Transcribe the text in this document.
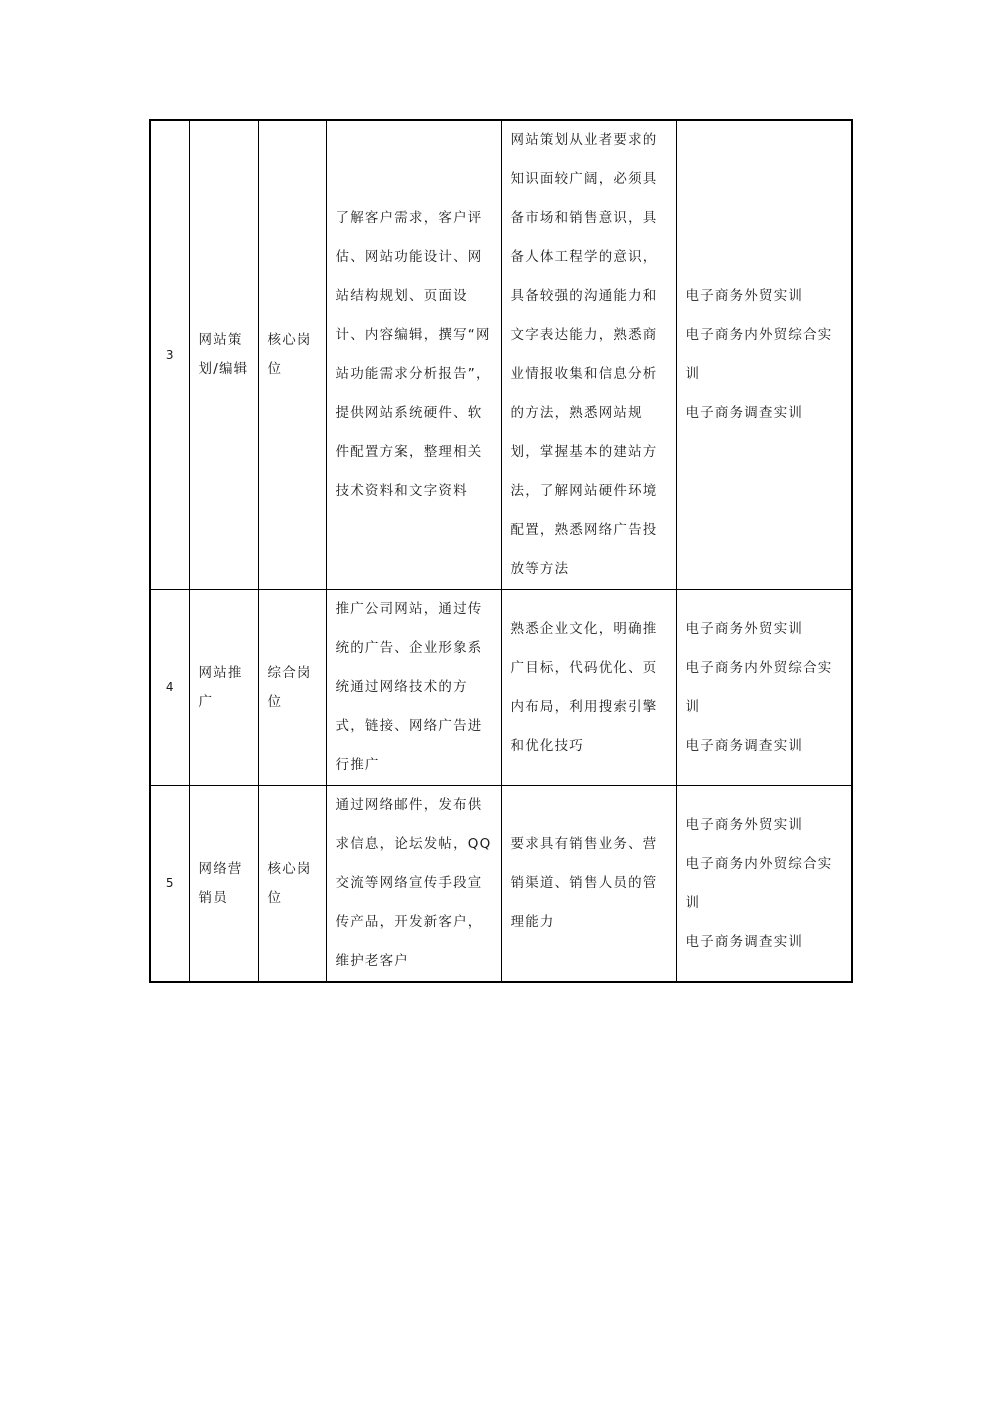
3	网站策划/编辑	核心岗位	了解客户需求，客户评估、网站功能设计、网站结构规划、页面设计、内容编辑，撰写“网站功能需求分析报告”，提供网站系统硬件、软件配置方案，整理相关技术资料和文字资料	网站策划从业者要求的知识面较广阔，必须具备市场和销售意识，具备人体工程学的意识，具备较强的沟通能力和文字表达能力，熟悉商业情报收集和信息分析的方法，熟悉网站规划，掌握基本的建站方法，了解网站硬件环境配置，熟悉网络广告投放等方法	电子商务外贸实训
电子商务内外贸综合实训
电子商务调查实训
4	网站推广	综合岗位	推广公司网站，通过传统的广告、企业形象系统通过网络技术的方式，链接、网络广告进行推广	熟悉企业文化，明确推广目标，代码优化、页内布局，利用搜索引擎和优化技巧	电子商务外贸实训
电子商务内外贸综合实训
电子商务调查实训
5	网络营销员	核心岗位	通过网络邮件，发布供求信息，论坛发帖，QQ交流等网络宣传手段宣传产品，开发新客户，维护老客户	要求具有销售业务、营销渠道、销售人员的管理能力	电子商务外贸实训
电子商务内外贸综合实训
电子商务调查实训
